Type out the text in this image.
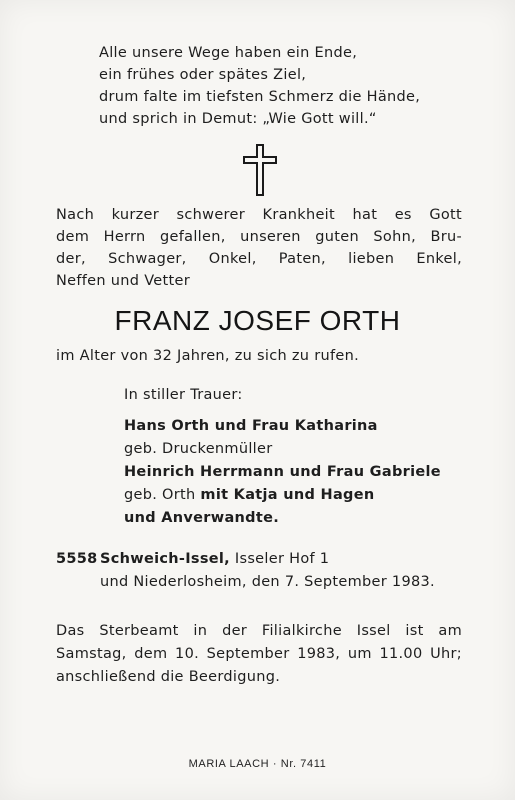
Alle unsere Wege haben ein Ende,
ein frühes oder spätes Ziel,
drum falte im tiefsten Schmerz die Hände,
und sprich in Demut: „Wie Gott will.“
Nach kurzer schwerer Krankheit hat es Gott
dem Herrn gefallen, unseren guten Sohn, Bru-
der, Schwager, Onkel, Paten, lieben Enkel,
Neffen und Vetter
FRANZ JOSEF ORTH
im Alter von 32 Jahren, zu sich zu rufen.
In stiller Trauer:
Hans Orth und Frau Katharina
geb. Druckenmüller
Heinrich Herrmann und Frau Gabriele
geb. Orth mit Katja und Hagen
und Anverwandte.
5558 Schweich-Issel, Isseler Hof 1
und Niederlosheim, den 7. September 1983.
Das Sterbeamt in der Filialkirche Issel ist am
Samstag, dem 10. September 1983, um 11.00 Uhr;
anschließend die Beerdigung.
MARIA LAACH · Nr. 7411
